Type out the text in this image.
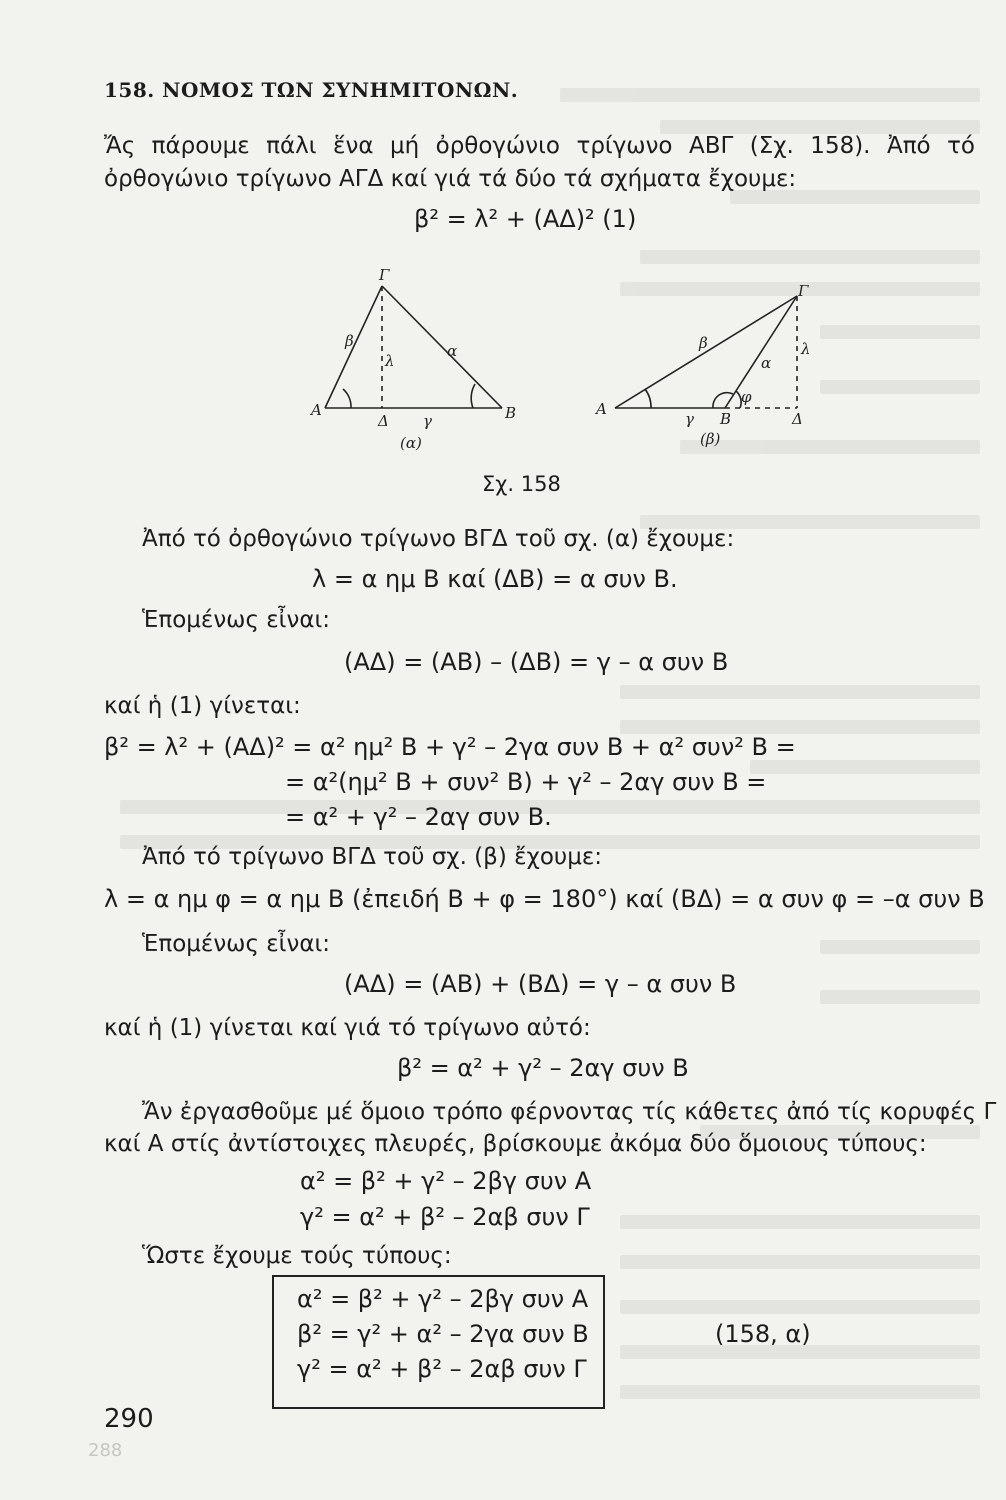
158. ΝΟΜΟΣ ΤΩΝ ΣΥΝΗΜΙΤΟΝΩΝ.
Ἄς πάρουμε πάλι ἕνα μή ὀρθογώνιο τρίγωνο ΑΒΓ (Σχ. 158). Ἀπό τό
ὀρθογώνιο τρίγωνο ΑΓΔ καί γιά τά δύο τά σχήματα ἔχουμε:
β² = λ² + (ΑΔ)² (1)
Γ
A
Δ	B
β
α
λ
γ
(α)
Γ
A
B	Δ
β
α
λ
γ
φ
(β)
Σχ. 158
Ἀπό τό ὀρθογώνιο τρίγωνο ΒΓΔ τοῦ σχ. (α) ἔχουμε:
λ = α ημ Β καί (ΔΒ) = α συν Β.
Ἑπομένως εἶναι:
(ΑΔ) = (ΑΒ) – (ΔΒ) = γ – α συν Β
καί ἡ (1) γίνεται:
β² = λ² + (ΑΔ)² = α² ημ² Β + γ² – 2γα συν Β + α² συν² Β =
= α²(ημ² Β + συν² Β) + γ² – 2αγ συν Β =
= α² + γ² – 2αγ συν Β.
Ἀπό τό τρίγωνο ΒΓΔ τοῦ σχ. (β) ἔχουμε:
λ = α ημ φ = α ημ Β (ἐπειδή Β + φ = 180°) καί (ΒΔ) = α συν φ = –α συν Β
Ἑπομένως εἶναι:
(ΑΔ) = (ΑΒ) + (ΒΔ) = γ – α συν Β
καί ἡ (1) γίνεται καί γιά τό τρίγωνο αὐτό:
β² = α² + γ² – 2αγ συν Β
Ἄν ἐργασθοῦμε μέ ὅμοιο τρόπο φέρνοντας τίς κάθετες ἀπό τίς κορυφές Γ
καί Α στίς ἀντίστοιχες πλευρές, βρίσκουμε ἀκόμα δύο ὅμοιους τύπους:
α² = β² + γ² – 2βγ συν Α
γ² = α² + β² – 2αβ συν Γ
Ὥστε ἔχουμε τούς τύπους:
α² = β² + γ² – 2βγ συν Α
β² = γ² + α² – 2γα συν Β
γ² = α² + β² – 2αβ συν Γ
(158, α)
290
288
